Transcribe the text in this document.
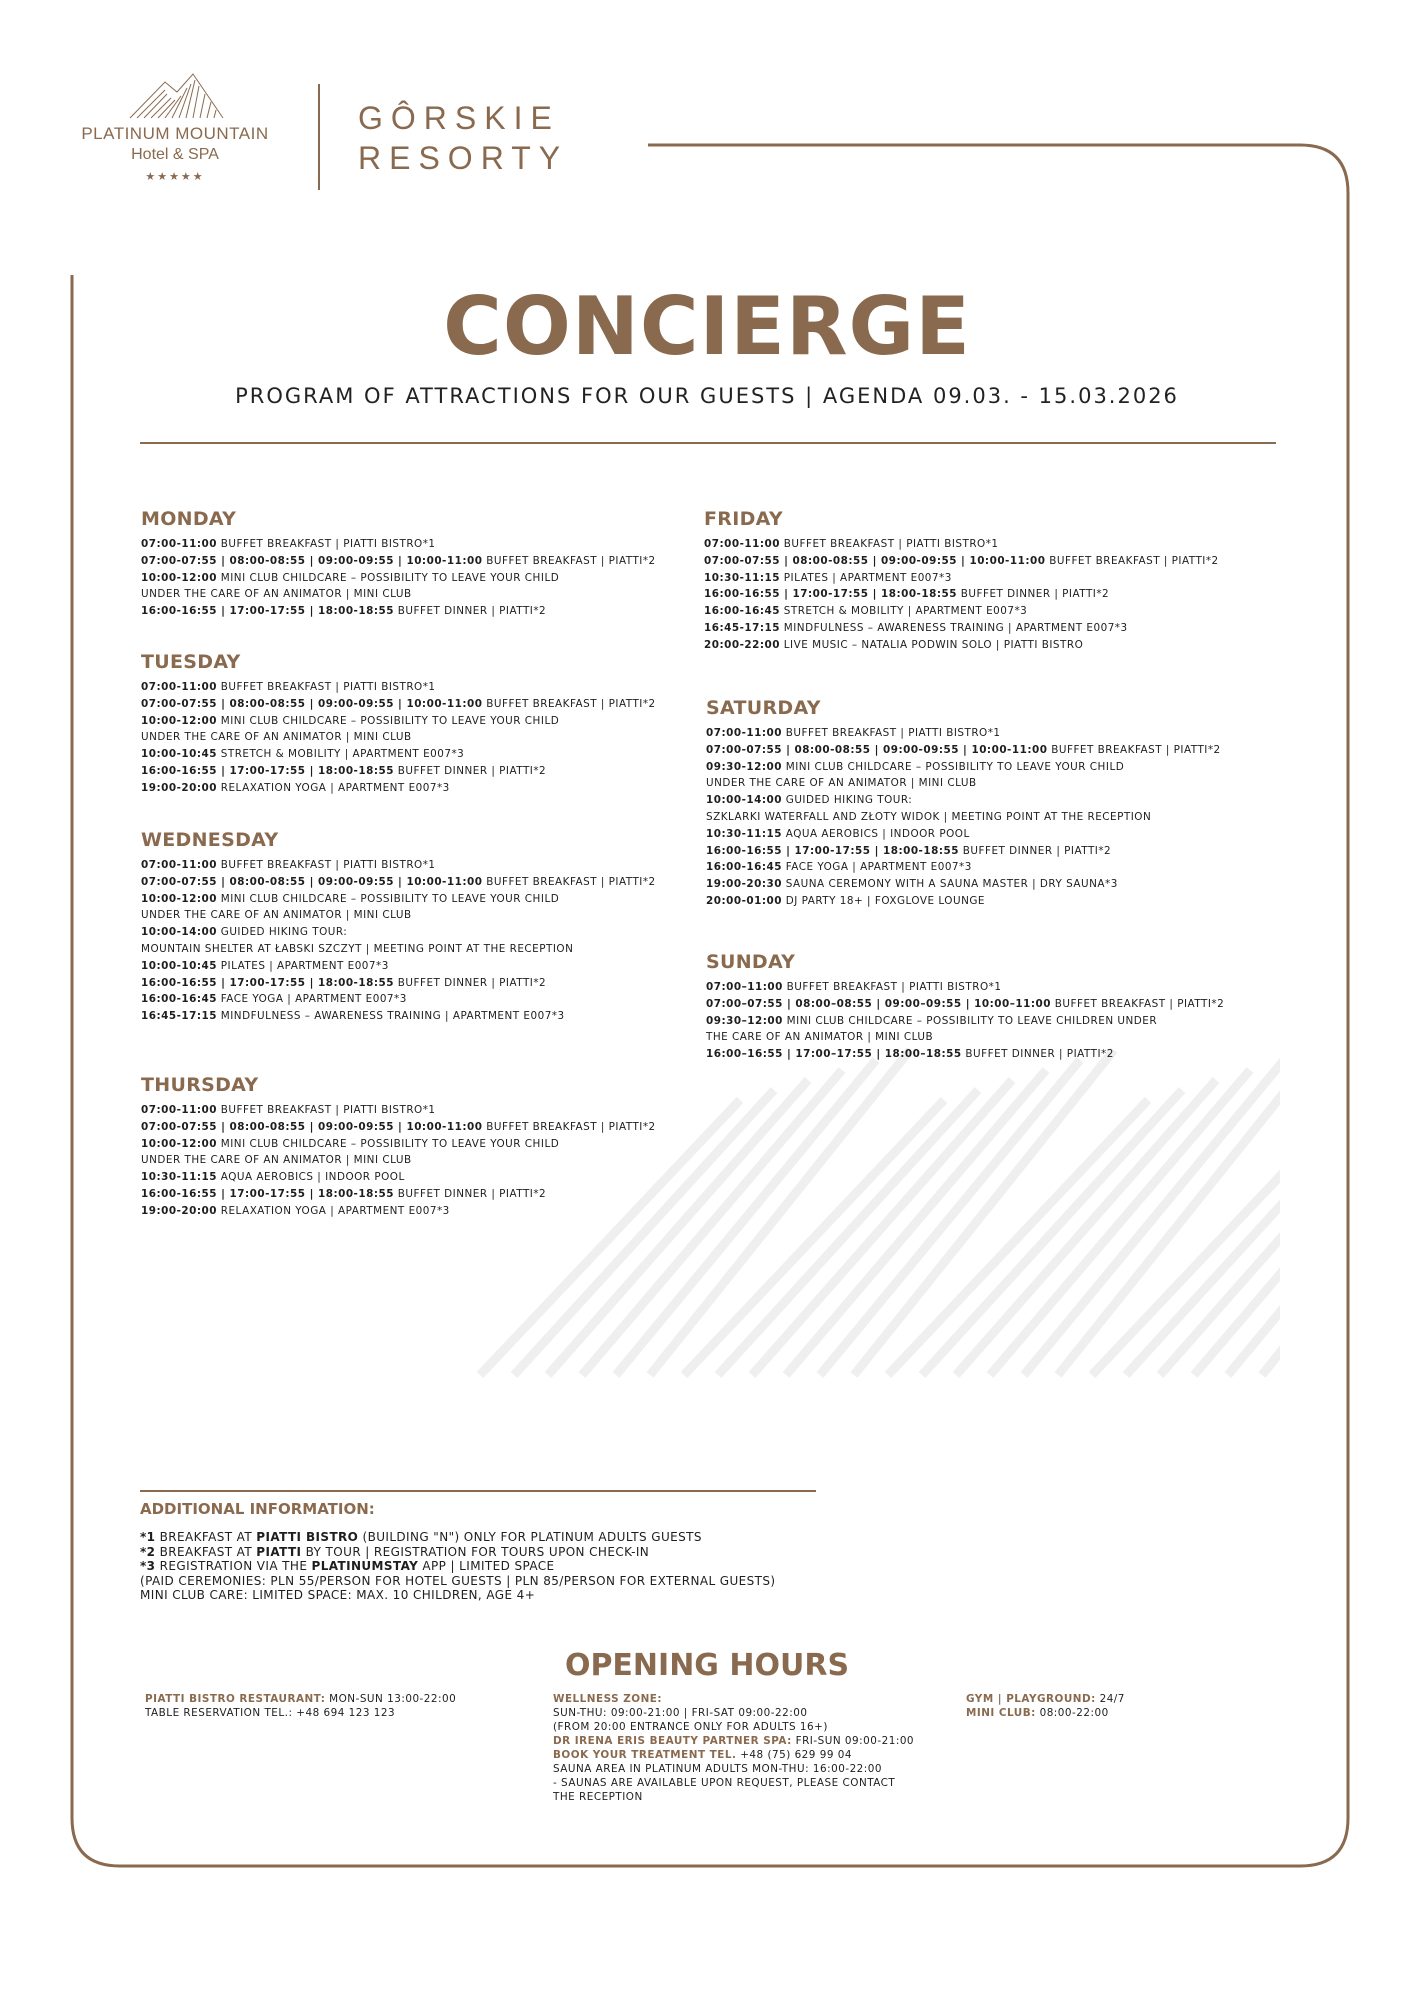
PLATINUM MOUNTAIN
Hotel & SPA
★★★★★
GÔRSKIE
RESORTY
CONCIERGE
PROGRAM OF ATTRACTIONS FOR OUR GUESTS | AGENDA 09.03. - 15.03.2026
MONDAY
07:00-11:00 BUFFET BREAKFAST | PIATTI BISTRO*1
07:00-07:55 | 08:00-08:55 | 09:00-09:55 | 10:00-11:00 BUFFET BREAKFAST | PIATTI*2
10:00-12:00 MINI CLUB CHILDCARE – POSSIBILITY TO LEAVE YOUR CHILD
UNDER THE CARE OF AN ANIMATOR | MINI CLUB
16:00-16:55 | 17:00-17:55 | 18:00-18:55 BUFFET DINNER | PIATTI*2
TUESDAY
07:00-11:00 BUFFET BREAKFAST | PIATTI BISTRO*1
07:00-07:55 | 08:00-08:55 | 09:00-09:55 | 10:00-11:00 BUFFET BREAKFAST | PIATTI*2
10:00-12:00 MINI CLUB CHILDCARE – POSSIBILITY TO LEAVE YOUR CHILD
UNDER THE CARE OF AN ANIMATOR | MINI CLUB
10:00-10:45 STRETCH & MOBILITY | APARTMENT E007*3
16:00-16:55 | 17:00-17:55 | 18:00-18:55 BUFFET DINNER | PIATTI*2
19:00-20:00 RELAXATION YOGA | APARTMENT E007*3
WEDNESDAY
07:00-11:00 BUFFET BREAKFAST | PIATTI BISTRO*1
07:00-07:55 | 08:00-08:55 | 09:00-09:55 | 10:00-11:00 BUFFET BREAKFAST | PIATTI*2
10:00-12:00 MINI CLUB CHILDCARE – POSSIBILITY TO LEAVE YOUR CHILD
UNDER THE CARE OF AN ANIMATOR | MINI CLUB
10:00-14:00 GUIDED HIKING TOUR:
MOUNTAIN SHELTER AT ŁABSKI SZCZYT | MEETING POINT AT THE RECEPTION
10:00-10:45 PILATES | APARTMENT E007*3
16:00-16:55 | 17:00-17:55 | 18:00-18:55 BUFFET DINNER | PIATTI*2
16:00-16:45 FACE YOGA | APARTMENT E007*3
16:45-17:15 MINDFULNESS – AWARENESS TRAINING | APARTMENT E007*3
THURSDAY
07:00-11:00 BUFFET BREAKFAST | PIATTI BISTRO*1
07:00-07:55 | 08:00-08:55 | 09:00-09:55 | 10:00-11:00 BUFFET BREAKFAST | PIATTI*2
10:00-12:00 MINI CLUB CHILDCARE – POSSIBILITY TO LEAVE YOUR CHILD
UNDER THE CARE OF AN ANIMATOR | MINI CLUB
10:30-11:15 AQUA AEROBICS | INDOOR POOL
16:00-16:55 | 17:00-17:55 | 18:00-18:55 BUFFET DINNER | PIATTI*2
19:00-20:00 RELAXATION YOGA | APARTMENT E007*3
FRIDAY
07:00-11:00 BUFFET BREAKFAST | PIATTI BISTRO*1
07:00-07:55 | 08:00-08:55 | 09:00-09:55 | 10:00-11:00 BUFFET BREAKFAST | PIATTI*2
10:30-11:15 PILATES | APARTMENT E007*3
16:00-16:55 | 17:00-17:55 | 18:00-18:55 BUFFET DINNER | PIATTI*2
16:00-16:45 STRETCH & MOBILITY | APARTMENT E007*3
16:45-17:15 MINDFULNESS – AWARENESS TRAINING | APARTMENT E007*3
20:00-22:00 LIVE MUSIC – NATALIA PODWIN SOLO | PIATTI BISTRO
SATURDAY
07:00-11:00 BUFFET BREAKFAST | PIATTI BISTRO*1
07:00-07:55 | 08:00-08:55 | 09:00-09:55 | 10:00-11:00 BUFFET BREAKFAST | PIATTI*2
09:30-12:00 MINI CLUB CHILDCARE – POSSIBILITY TO LEAVE YOUR CHILD
UNDER THE CARE OF AN ANIMATOR | MINI CLUB
10:00-14:00 GUIDED HIKING TOUR:
SZKLARKI WATERFALL AND ZŁOTY WIDOK | MEETING POINT AT THE RECEPTION
10:30-11:15 AQUA AEROBICS | INDOOR POOL
16:00-16:55 | 17:00-17:55 | 18:00-18:55 BUFFET DINNER | PIATTI*2
16:00-16:45 FACE YOGA | APARTMENT E007*3
19:00-20:30 SAUNA CEREMONY WITH A SAUNA MASTER | DRY SAUNA*3
20:00-01:00 DJ PARTY 18+ | FOXGLOVE LOUNGE
SUNDAY
07:00–11:00 BUFFET BREAKFAST | PIATTI BISTRO*1
07:00–07:55 | 08:00–08:55 | 09:00–09:55 | 10:00–11:00 BUFFET BREAKFAST | PIATTI*2
09:30–12:00 MINI CLUB CHILDCARE – POSSIBILITY TO LEAVE CHILDREN UNDER
THE CARE OF AN ANIMATOR | MINI CLUB
16:00–16:55 | 17:00–17:55 | 18:00–18:55 BUFFET DINNER | PIATTI*2
ADDITIONAL INFORMATION:
*1 BREAKFAST AT PIATTI BISTRO (BUILDING "N") ONLY FOR PLATINUM ADULTS GUESTS
*2 BREAKFAST AT PIATTI BY TOUR | REGISTRATION FOR TOURS UPON CHECK-IN
*3 REGISTRATION VIA THE PLATINUMSTAY APP | LIMITED SPACE
(PAID CEREMONIES: PLN 55/PERSON FOR HOTEL GUESTS | PLN 85/PERSON FOR EXTERNAL GUESTS)
MINI CLUB CARE: LIMITED SPACE: MAX. 10 CHILDREN, AGE 4+
OPENING HOURS
PIATTI BISTRO RESTAURANT: MON-SUN 13:00-22:00
TABLE RESERVATION TEL.: +48 694 123 123
WELLNESS ZONE:
SUN-THU: 09:00-21:00 | FRI-SAT 09:00-22:00
(FROM 20:00 ENTRANCE ONLY FOR ADULTS 16+)
DR IRENA ERIS BEAUTY PARTNER SPA: FRI-SUN 09:00-21:00
BOOK YOUR TREATMENT TEL. +48 (75) 629 99 04
SAUNA AREA IN PLATINUM ADULTS MON-THU: 16:00-22:00
- SAUNAS ARE AVAILABLE UPON REQUEST, PLEASE CONTACT
THE RECEPTION
GYM | PLAYGROUND: 24/7
MINI CLUB: 08:00-22:00
